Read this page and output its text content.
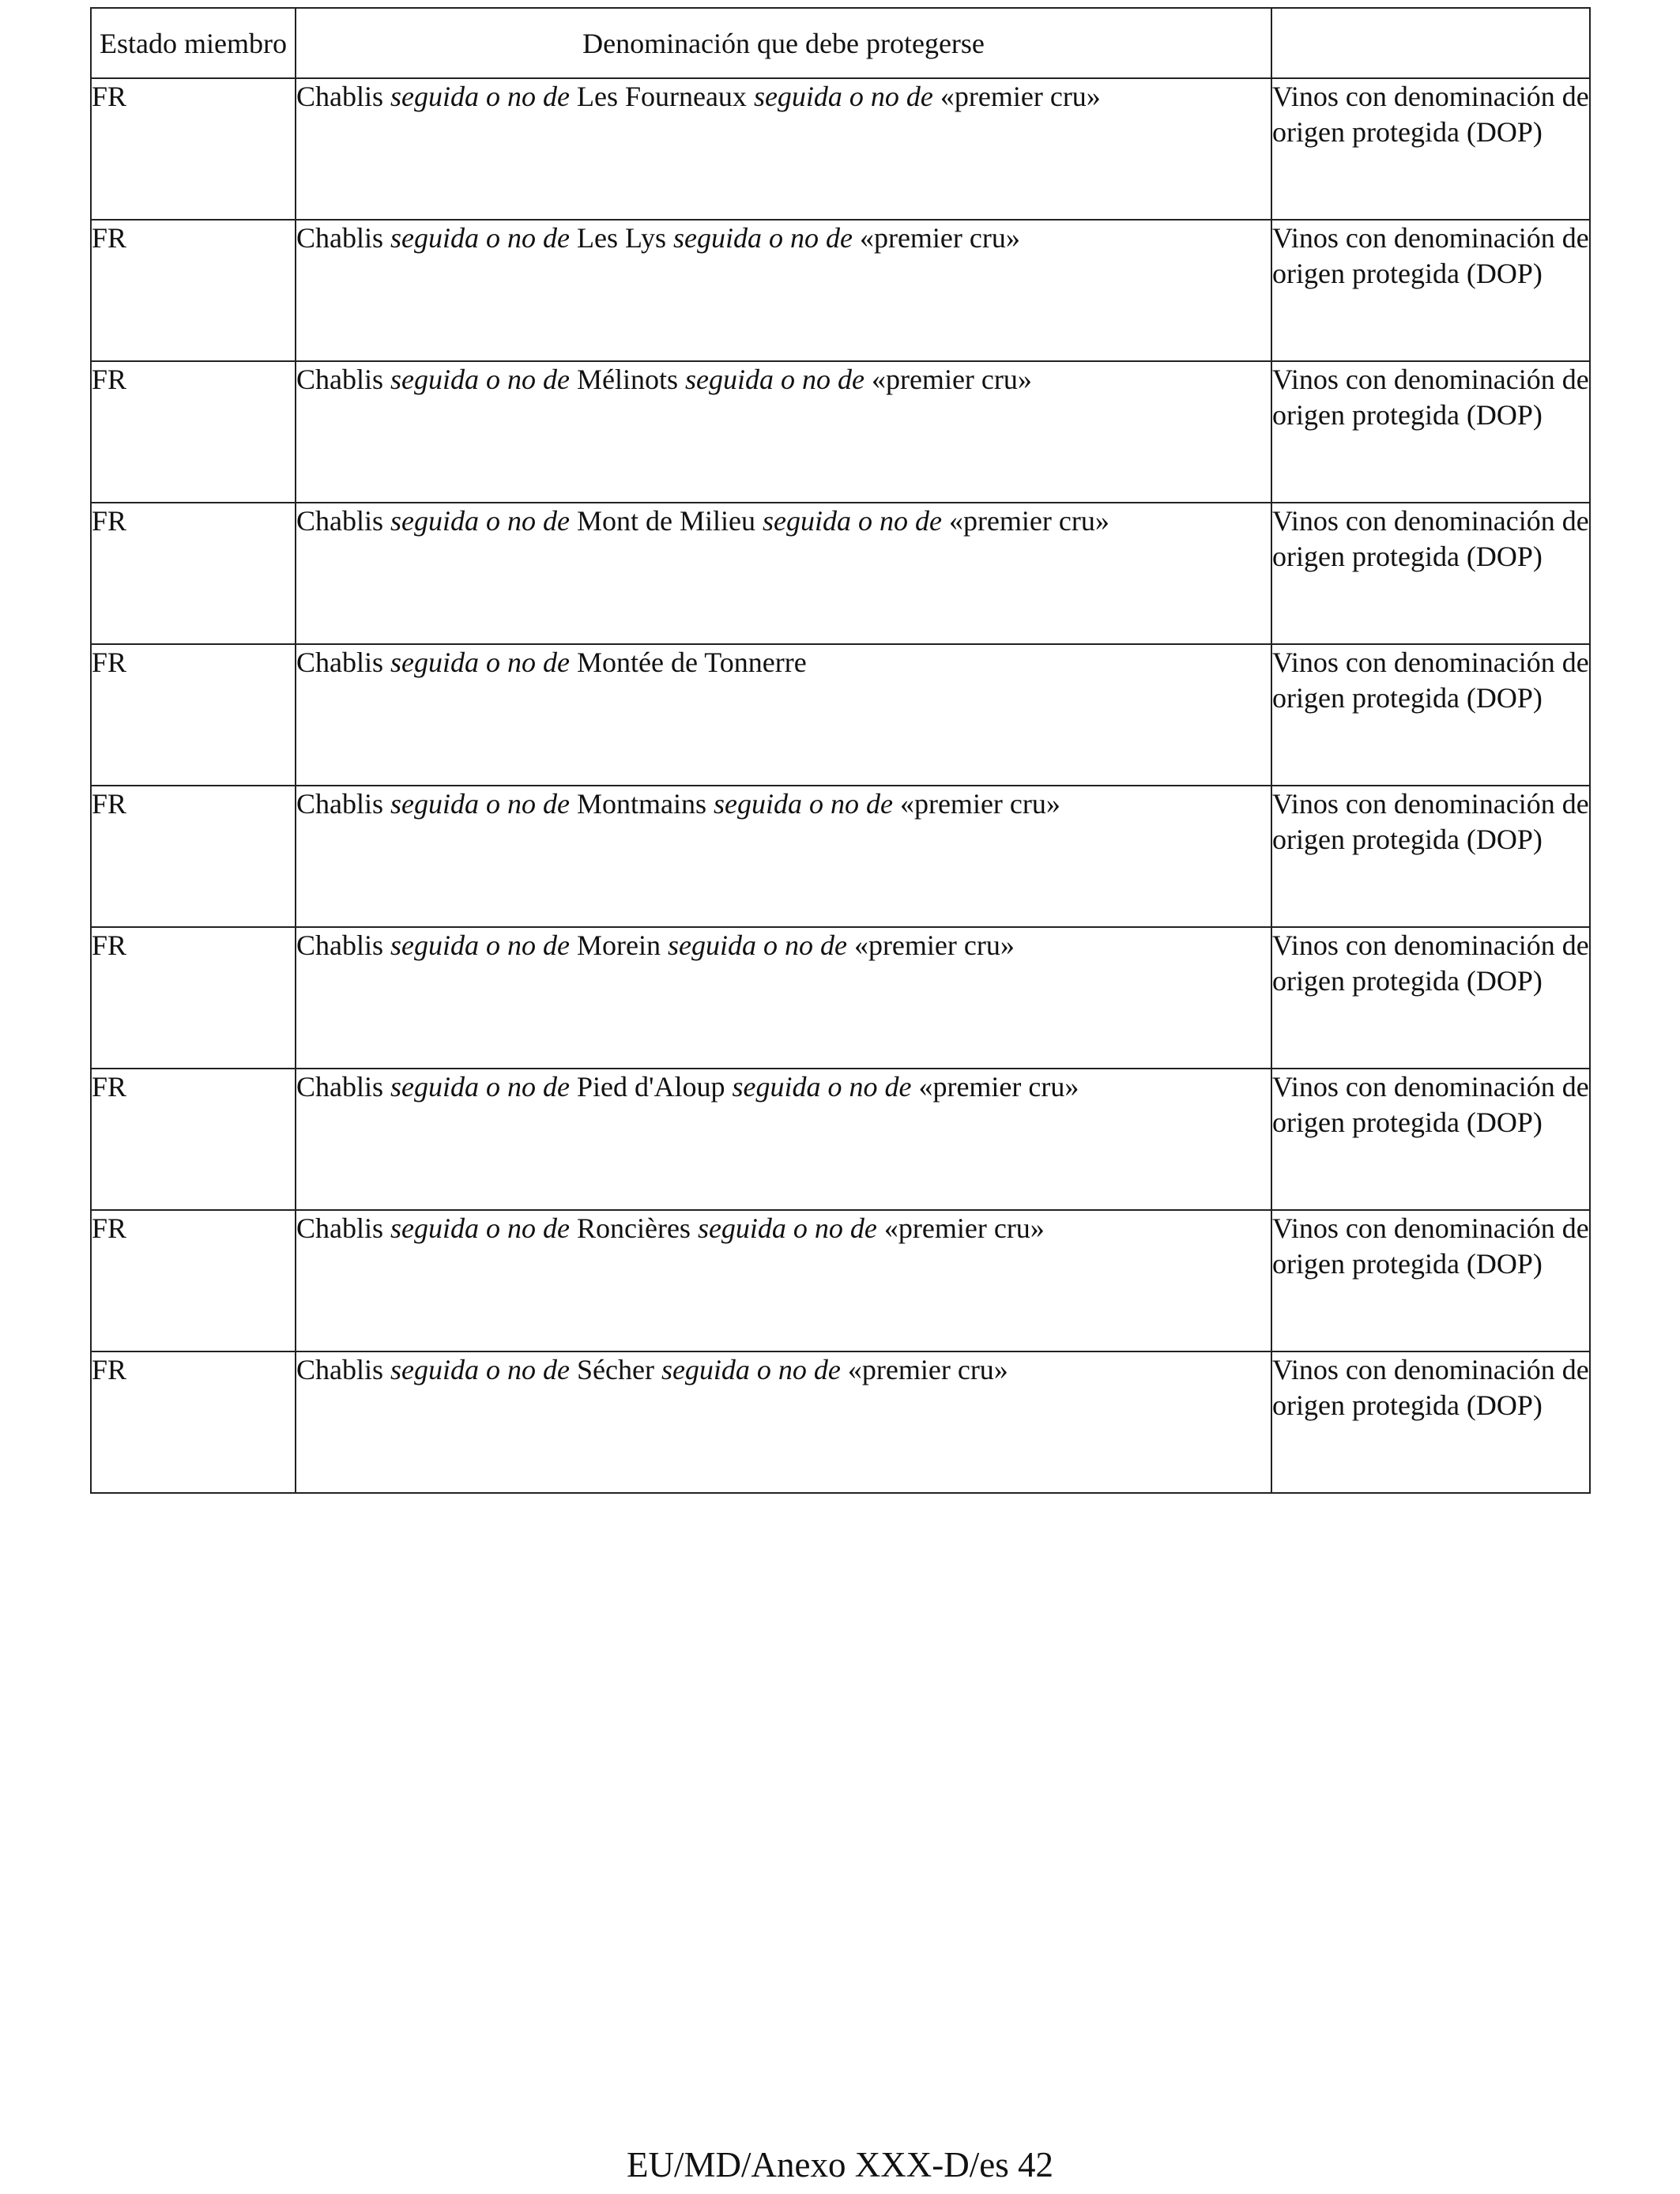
Estado miembro	Denominación que debe protegerse	
FR	Chablis seguida o no de Les Fourneaux seguida o no de «premier cru»	Vinos con denominación de origen protegida (DOP)
FR	Chablis seguida o no de Les Lys seguida o no de «premier cru»	Vinos con denominación de origen protegida (DOP)
FR	Chablis seguida o no de Mélinots seguida o no de «premier cru»	Vinos con denominación de origen protegida (DOP)
FR	Chablis seguida o no de Mont de Milieu seguida o no de «premier cru»	Vinos con denominación de origen protegida (DOP)
FR	Chablis seguida o no de Montée de Tonnerre	Vinos con denominación de origen protegida (DOP)
FR	Chablis seguida o no de Montmains seguida o no de «premier cru»	Vinos con denominación de origen protegida (DOP)
FR	Chablis seguida o no de Morein seguida o no de «premier cru»	Vinos con denominación de origen protegida (DOP)
FR	Chablis seguida o no de Pied d'Aloup seguida o no de «premier cru»	Vinos con denominación de origen protegida (DOP)
FR	Chablis seguida o no de Roncières seguida o no de «premier cru»	Vinos con denominación de origen protegida (DOP)
FR	Chablis seguida o no de Sécher seguida o no de «premier cru»	Vinos con denominación de origen protegida (DOP)
EU/MD/Anexo XXX-D/es 42
